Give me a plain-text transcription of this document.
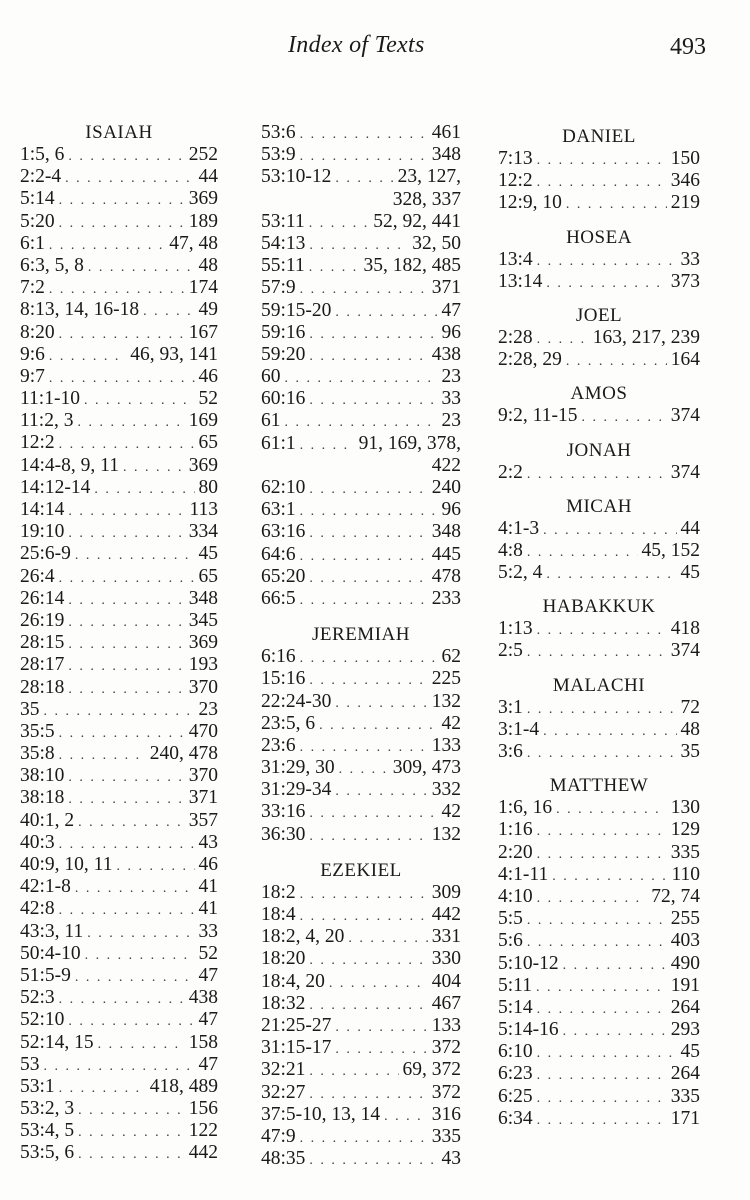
Index of Texts	493
ISAIAH
1:5, 6 . . .	252
2:2-4 . . .	44
5:14 . . .	369
5:20 . . .	189
6:1 . . .	47, 48
6:3, 5, 8 . . .	48
7:2 . . .	174
8:13, 14, 16-18 . . .	49
8:20 . . .	167
9:6 . . .	46, 93, 141
9:7 . . .	46
11:1-10 . . .	52
11:2, 3 . . .	169
12:2 . . .	65
14:4-8, 9, 11 . . .	369
14:12-14 . . .	80
14:14 . . .	113
19:10 . . .	334
25:6-9 . . .	45
26:4 . . .	65
26:14 . . .	348
26:19 . . .	345
28:15 . . .	369
28:17 . . .	193
28:18 . . .	370
35 . . .	23
35:5 . . .	470
35:8 . . .	240, 478
38:10 . . .	370
38:18 . . .	371
40:1, 2 . . .	357
40:3 . . .	43
40:9, 10, 11 . . .	46
42:1-8 . . .	41
42:8 . . .	41
43:3, 11 . . .	33
50:4-10 . . .	52
51:5-9 . . .	47
52:3 . . .	438
52:10 . . .	47
52:14, 15 . . .	158
53 . . .	47
53:1 . . .	418, 489
53:2, 3 . . .	156
53:4, 5 . . .	122
53:5, 6 . . .	442
53:6 . . .	461
53:9 . . .	348
53:10-12 . . .	23, 127,
328, 337
53:11 . . .	52, 92, 441
54:13 . . .	32, 50
55:11 . . .	35, 182, 485
57:9 . . .	371
59:15-20 . . .	47
59:16 . . .	96
59:20 . . .	438
60 . . .	23
60:16 . . .	33
61 . . .	23
61:1 . . .	91, 169, 378,
422
62:10 . . .	240
63:1 . . .	96
63:16 . . .	348
64:6 . . .	445
65:20 . . .	478
66:5 . . .	233
JEREMIAH
6:16 . . .	62
15:16 . . .	225
22:24-30 . . .	132
23:5, 6 . . .	42
23:6 . . .	133
31:29, 30 . . .	309, 473
31:29-34 . . .	332
33:16 . . .	42
36:30 . . .	132
EZEKIEL
18:2 . . .	309
18:4 . . .	442
18:2, 4, 20 . . .	331
18:20 . . .	330
18:4, 20 . . .	404
18:32 . . .	467
21:25-27 . . .	133
31:15-17 . . .	372
32:21 . . .	69, 372
32:27 . . .	372
37:5-10, 13, 14 . . .	316
47:9 . . .	335
48:35 . . .	43
DANIEL
7:13 . . .	150
12:2 . . .	346
12:9, 10 . . .	219
HOSEA
13:4 . . .	33
13:14 . . .	373
JOEL
2:28 . . .	163, 217, 239
2:28, 29 . . .	164
AMOS
9:2, 11-15 . . .	374
JONAH
2:2 . . .	374
MICAH
4:1-3 . . .	44
4:8 . . .	45, 152
5:2, 4 . . .	45
HABAKKUK
1:13 . . .	418
2:5 . . .	374
MALACHI
3:1 . . .	72
3:1-4 . . .	48
3:6 . . .	35
MATTHEW
1:6, 16 . . .	130
1:16 . . .	129
2:20 . . .	335
4:1-11 . . .	110
4:10 . . .	72, 74
5:5 . . .	255
5:6 . . .	403
5:10-12 . . .	490
5:11 . . .	191
5:14 . . .	264
5:14-16 . . .	293
6:10 . . .	45
6:23 . . .	264
6:25 . . .	335
6:34 . . .	171
